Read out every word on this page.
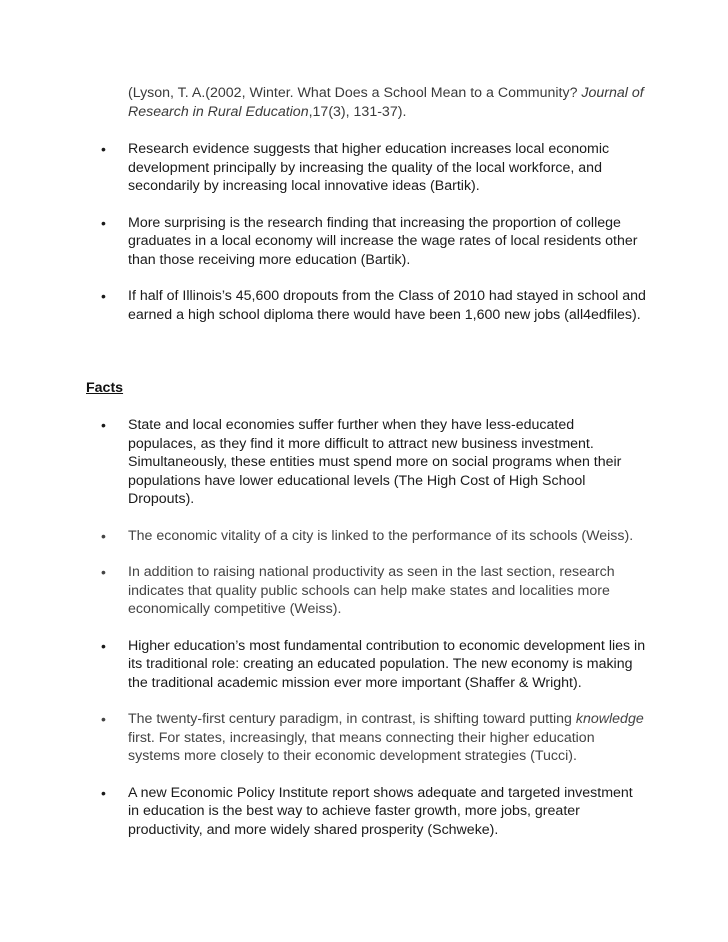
(Lyson, T. A.(2002, Winter. What Does a School Mean to a Community? Journal of Research in Rural Education,17(3), 131-37).

• Research evidence suggests that higher education increases local economic development principally by increasing the quality of the local workforce, and secondarily by increasing local innovative ideas (Bartik).
• More surprising is the research finding that increasing the proportion of college graduates in a local economy will increase the wage rates of local residents other than those receiving more education (Bartik).
• If half of Illinois’s 45,600 dropouts from the Class of 2010 had stayed in school and earned a high school diploma there would have been 1,600 new jobs (all4edfiles).
Facts
• State and local economies suffer further when they have less-educated populaces, as they find it more difficult to attract new business investment. Simultaneously, these entities must spend more on social programs when their populations have lower educational levels (The High Cost of High School Dropouts).
• The economic vitality of a city is linked to the performance of its schools (Weiss).
• In addition to raising national productivity as seen in the last section, research indicates that quality public schools can help make states and localities more economically competitive (Weiss).
• Higher education’s most fundamental contribution to economic development lies in its traditional role: creating an educated population. The new economy is making the traditional academic mission ever more important (Shaffer & Wright).
• The twenty-first century paradigm, in contrast, is shifting toward putting knowledge first. For states, increasingly, that means connecting their higher education systems more closely to their economic development strategies (Tucci).
• A new Economic Policy Institute report shows adequate and targeted investment in education is the best way to achieve faster growth, more jobs, greater productivity, and more widely shared prosperity (Schweke).
